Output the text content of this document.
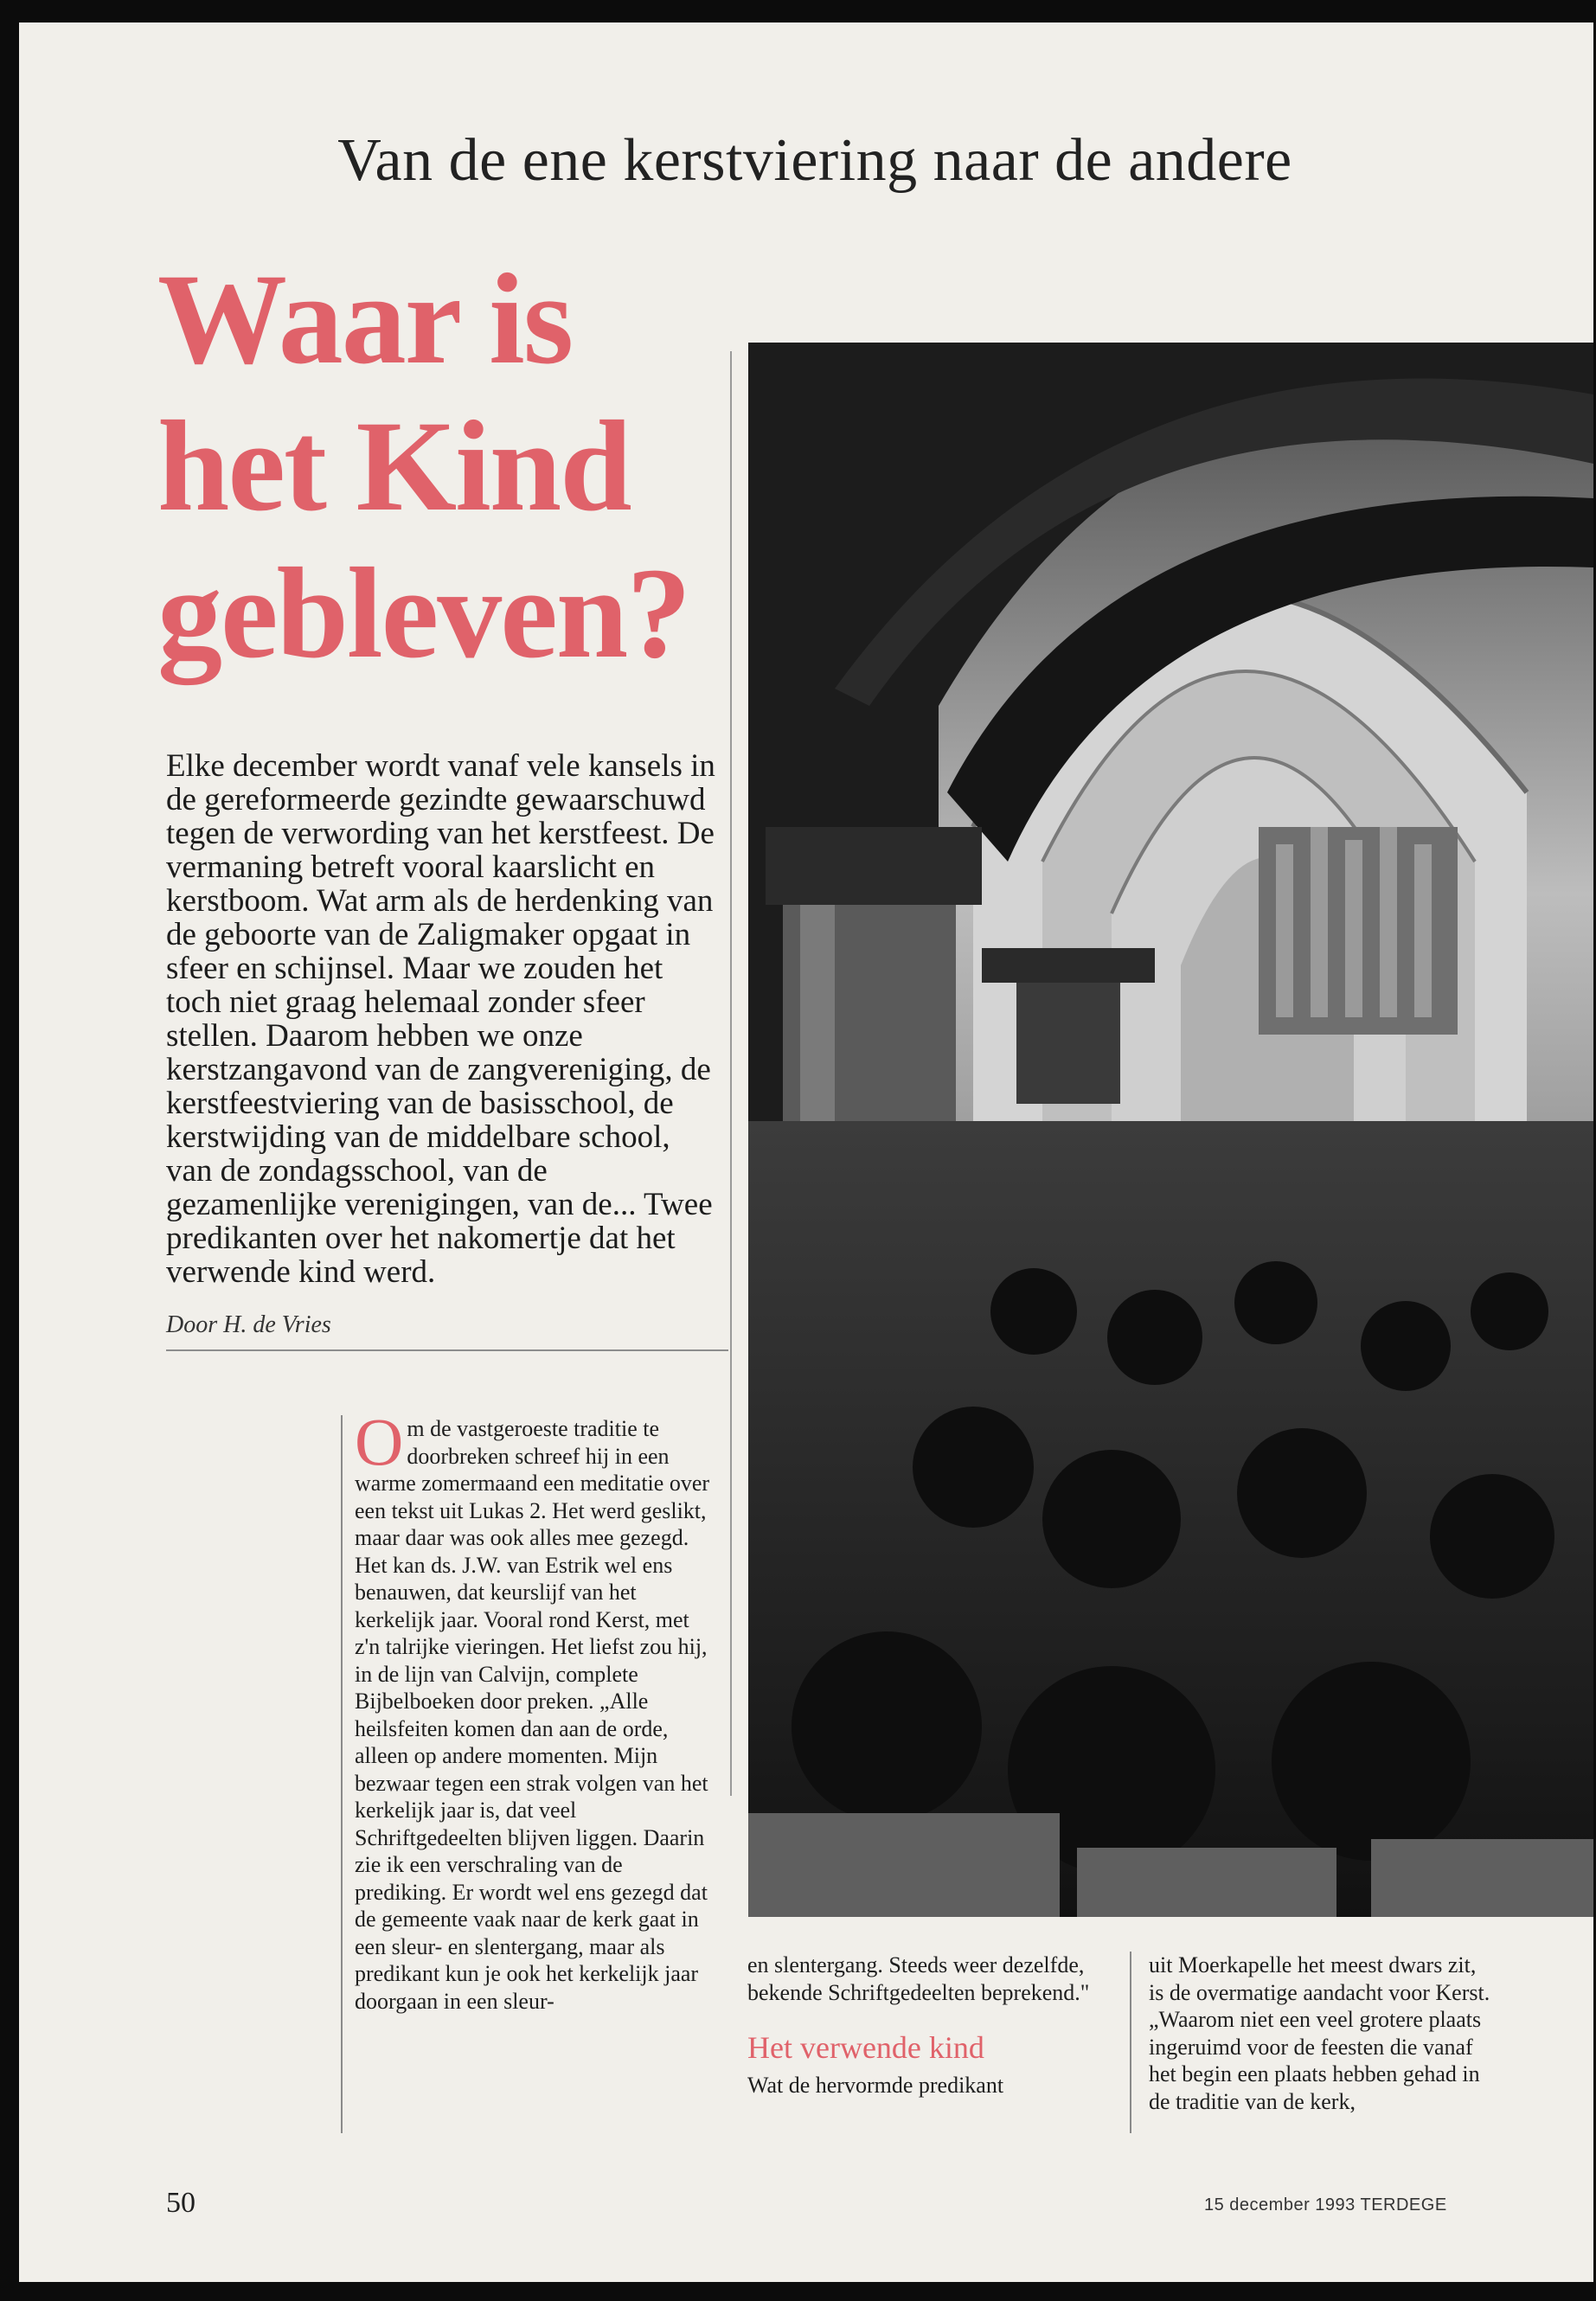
Van de ene kerstviering naar de andere
Waar is
het Kind
gebleven?
Elke december wordt vanaf vele kansels in de gereformeerde gezindte gewaarschuwd tegen de verwording van het kerstfeest. De vermaning betreft vooral kaarslicht en kerstboom. Wat arm als de herdenking van de geboorte van de Zaligmaker opgaat in sfeer en schijnsel. Maar we zouden het toch niet graag helemaal zonder sfeer stellen. Daarom hebben we onze kerstzangavond van de zangvereniging, de kerstfeestviering van de basisschool, de kerstwijding van de middelbare school, van de zondagsschool, van de gezamenlijke verenigingen, van de... Twee predikanten over het nakomertje dat het verwende kind werd.
Door H. de Vries
Om de vastgeroeste traditie te doorbreken schreef hij in een warme zomermaand een meditatie over een tekst uit Lukas 2. Het werd geslikt, maar daar was ook alles mee gezegd. Het kan ds. J.W. van Estrik wel ens benauwen, dat keurslijf van het kerkelijk jaar. Vooral rond Kerst, met z'n talrijke vieringen. Het liefst zou hij, in de lijn van Calvijn, complete Bijbelboeken door preken. „Alle heilsfeiten komen dan aan de orde, alleen op andere momenten. Mijn bezwaar tegen een strak volgen van het kerkelijk jaar is, dat veel Schriftgedeelten blijven liggen. Daarin zie ik een verschraling van de prediking. Er wordt wel ens gezegd dat de gemeente vaak naar de kerk gaat in een sleur- en slentergang, maar als predikant kun je ook het kerkelijk jaar doorgaan in een sleur-
en slentergang. Steeds weer dezelfde, bekende Schriftgedeelten beprekend."
Het verwende kind
Wat de hervormde predikant
uit Moerkapelle het meest dwars zit, is de overmatige aandacht voor Kerst. „Waarom niet een veel grotere plaats ingeruimd voor de feesten die vanaf het begin een plaats hebben gehad in de traditie van de kerk,
50	15 december 1993 TERDEGE
